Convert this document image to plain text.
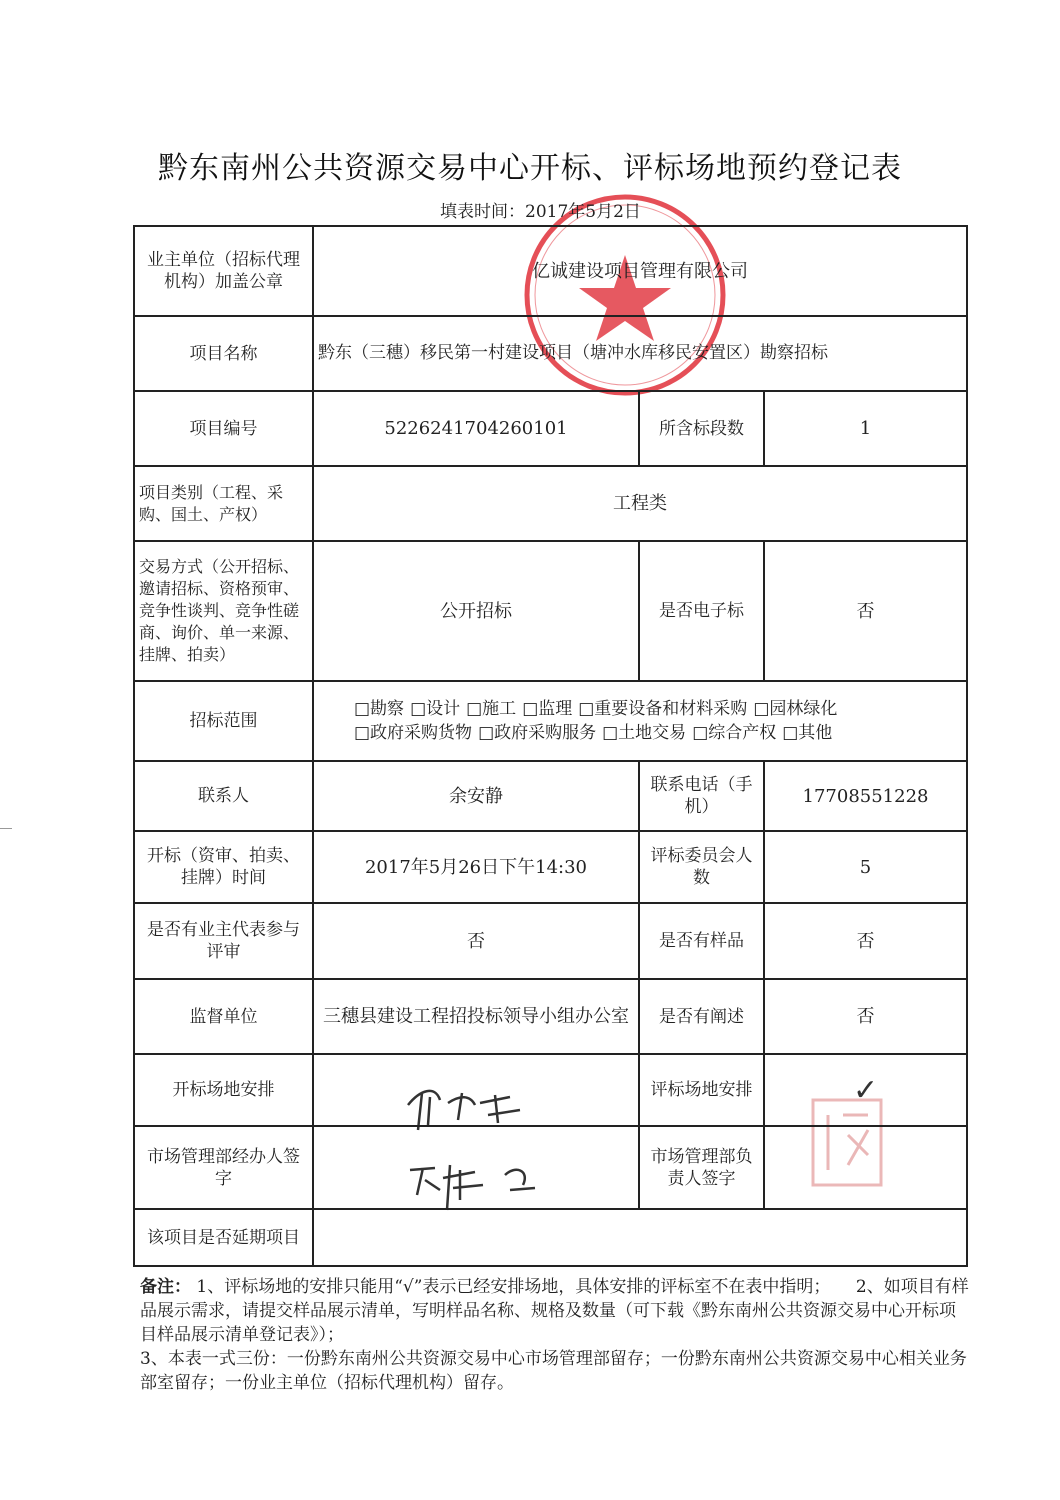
黔东南州公共资源交易中心开标、评标场地预约登记表
填表时间：2017年5月2日
业主单位（招标代理机构）加盖公章	亿诚建设项目管理有限公司		
项目名称	黔东（三穗）移民第一村建设项目（塘冲水库移民安置区）勘察招标		
项目编号	5226241704260101	所含标段数	1
项目类别（工程、采购、国土、产权）	工程类		
交易方式（公开招标、邀请招标、资格预审、竞争性谈判、竞争性磋商、询价、单一来源、挂牌、拍卖）	公开招标	是否电子标	否
招标范围	□勘察 □设计 □施工 □监理 □重要设备和材料采购 □园林绿化
□政府采购货物 □政府采购服务 □土地交易 □综合产权 □其他		

联系人	余安静	联系电话（手机）	17708551228
开标（资审、拍卖、挂牌）时间	2017年5月26日下午14:30	评标委员会人数	5
是否有业主代表参与评审	否	是否有样品	否
监督单位	三穗县建设工程招投标领导小组办公室	是否有阐述	否
开标场地安排		评标场地安排	✓
市场管理部经办人签字		市场管理部负责人签字	
该项目是否延期项目			
备注： 1、评标场地的安排只能用“√”表示已经安排场地，具体安排的评标室不在表中指明；　　2、如项目有样品展示需求，请提交样品展示清单，写明样品名称、规格及数量（可下载《黔东南州公共资源交易中心开标项目样品展示清单登记表》）；
3、本表一式三份：一份黔东南州公共资源交易中心市场管理部留存；一份黔东南州公共资源交易中心相关业务部室留存；一份业主单位（招标代理机构）留存。
